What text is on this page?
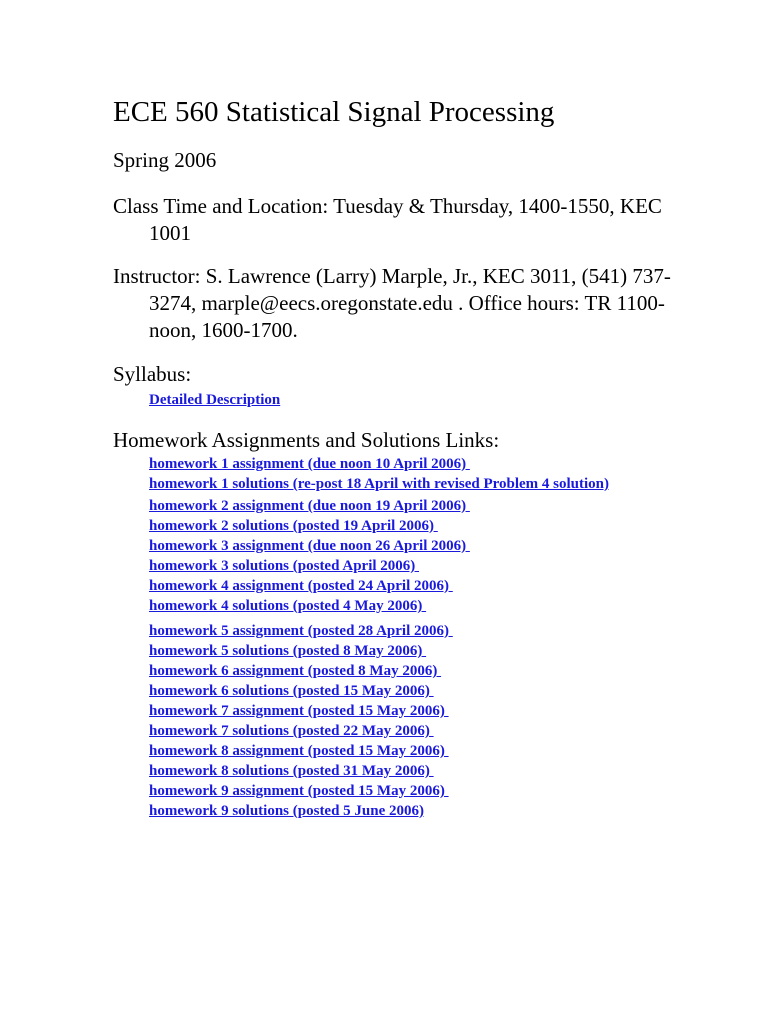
ECE 560 Statistical Signal Processing
Spring 2006
Class Time and Location: Tuesday & Thursday, 1400-1550, KEC 1001
Instructor: S. Lawrence (Larry) Marple, Jr., KEC 3011, (541) 737-3274, marple@eecs.oregonstate.edu . Office hours: TR 1100-noon, 1600-1700.
Syllabus:
Detailed Description
Homework Assignments and Solutions Links:
homework 1 assignment (due noon 10 April 2006)
homework 1 solutions (re-post 18 April with revised Problem 4 solution)
homework 2 assignment (due noon 19 April 2006)
homework 2 solutions (posted 19 April 2006)
homework 3 assignment (due noon 26 April 2006)
homework 3 solutions (posted April 2006)
homework 4 assignment (posted 24 April 2006)
homework 4 solutions (posted 4 May 2006)
homework 5 assignment (posted 28 April 2006)
homework 5 solutions (posted 8 May 2006)
homework 6 assignment (posted 8 May 2006)
homework 6 solutions (posted 15 May 2006)
homework 7 assignment (posted 15 May 2006)
homework 7 solutions (posted 22 May 2006)
homework 8 assignment (posted 15 May 2006)
homework 8 solutions (posted 31 May 2006)
homework 9 assignment (posted 15 May 2006)
homework 9 solutions (posted 5 June 2006)
